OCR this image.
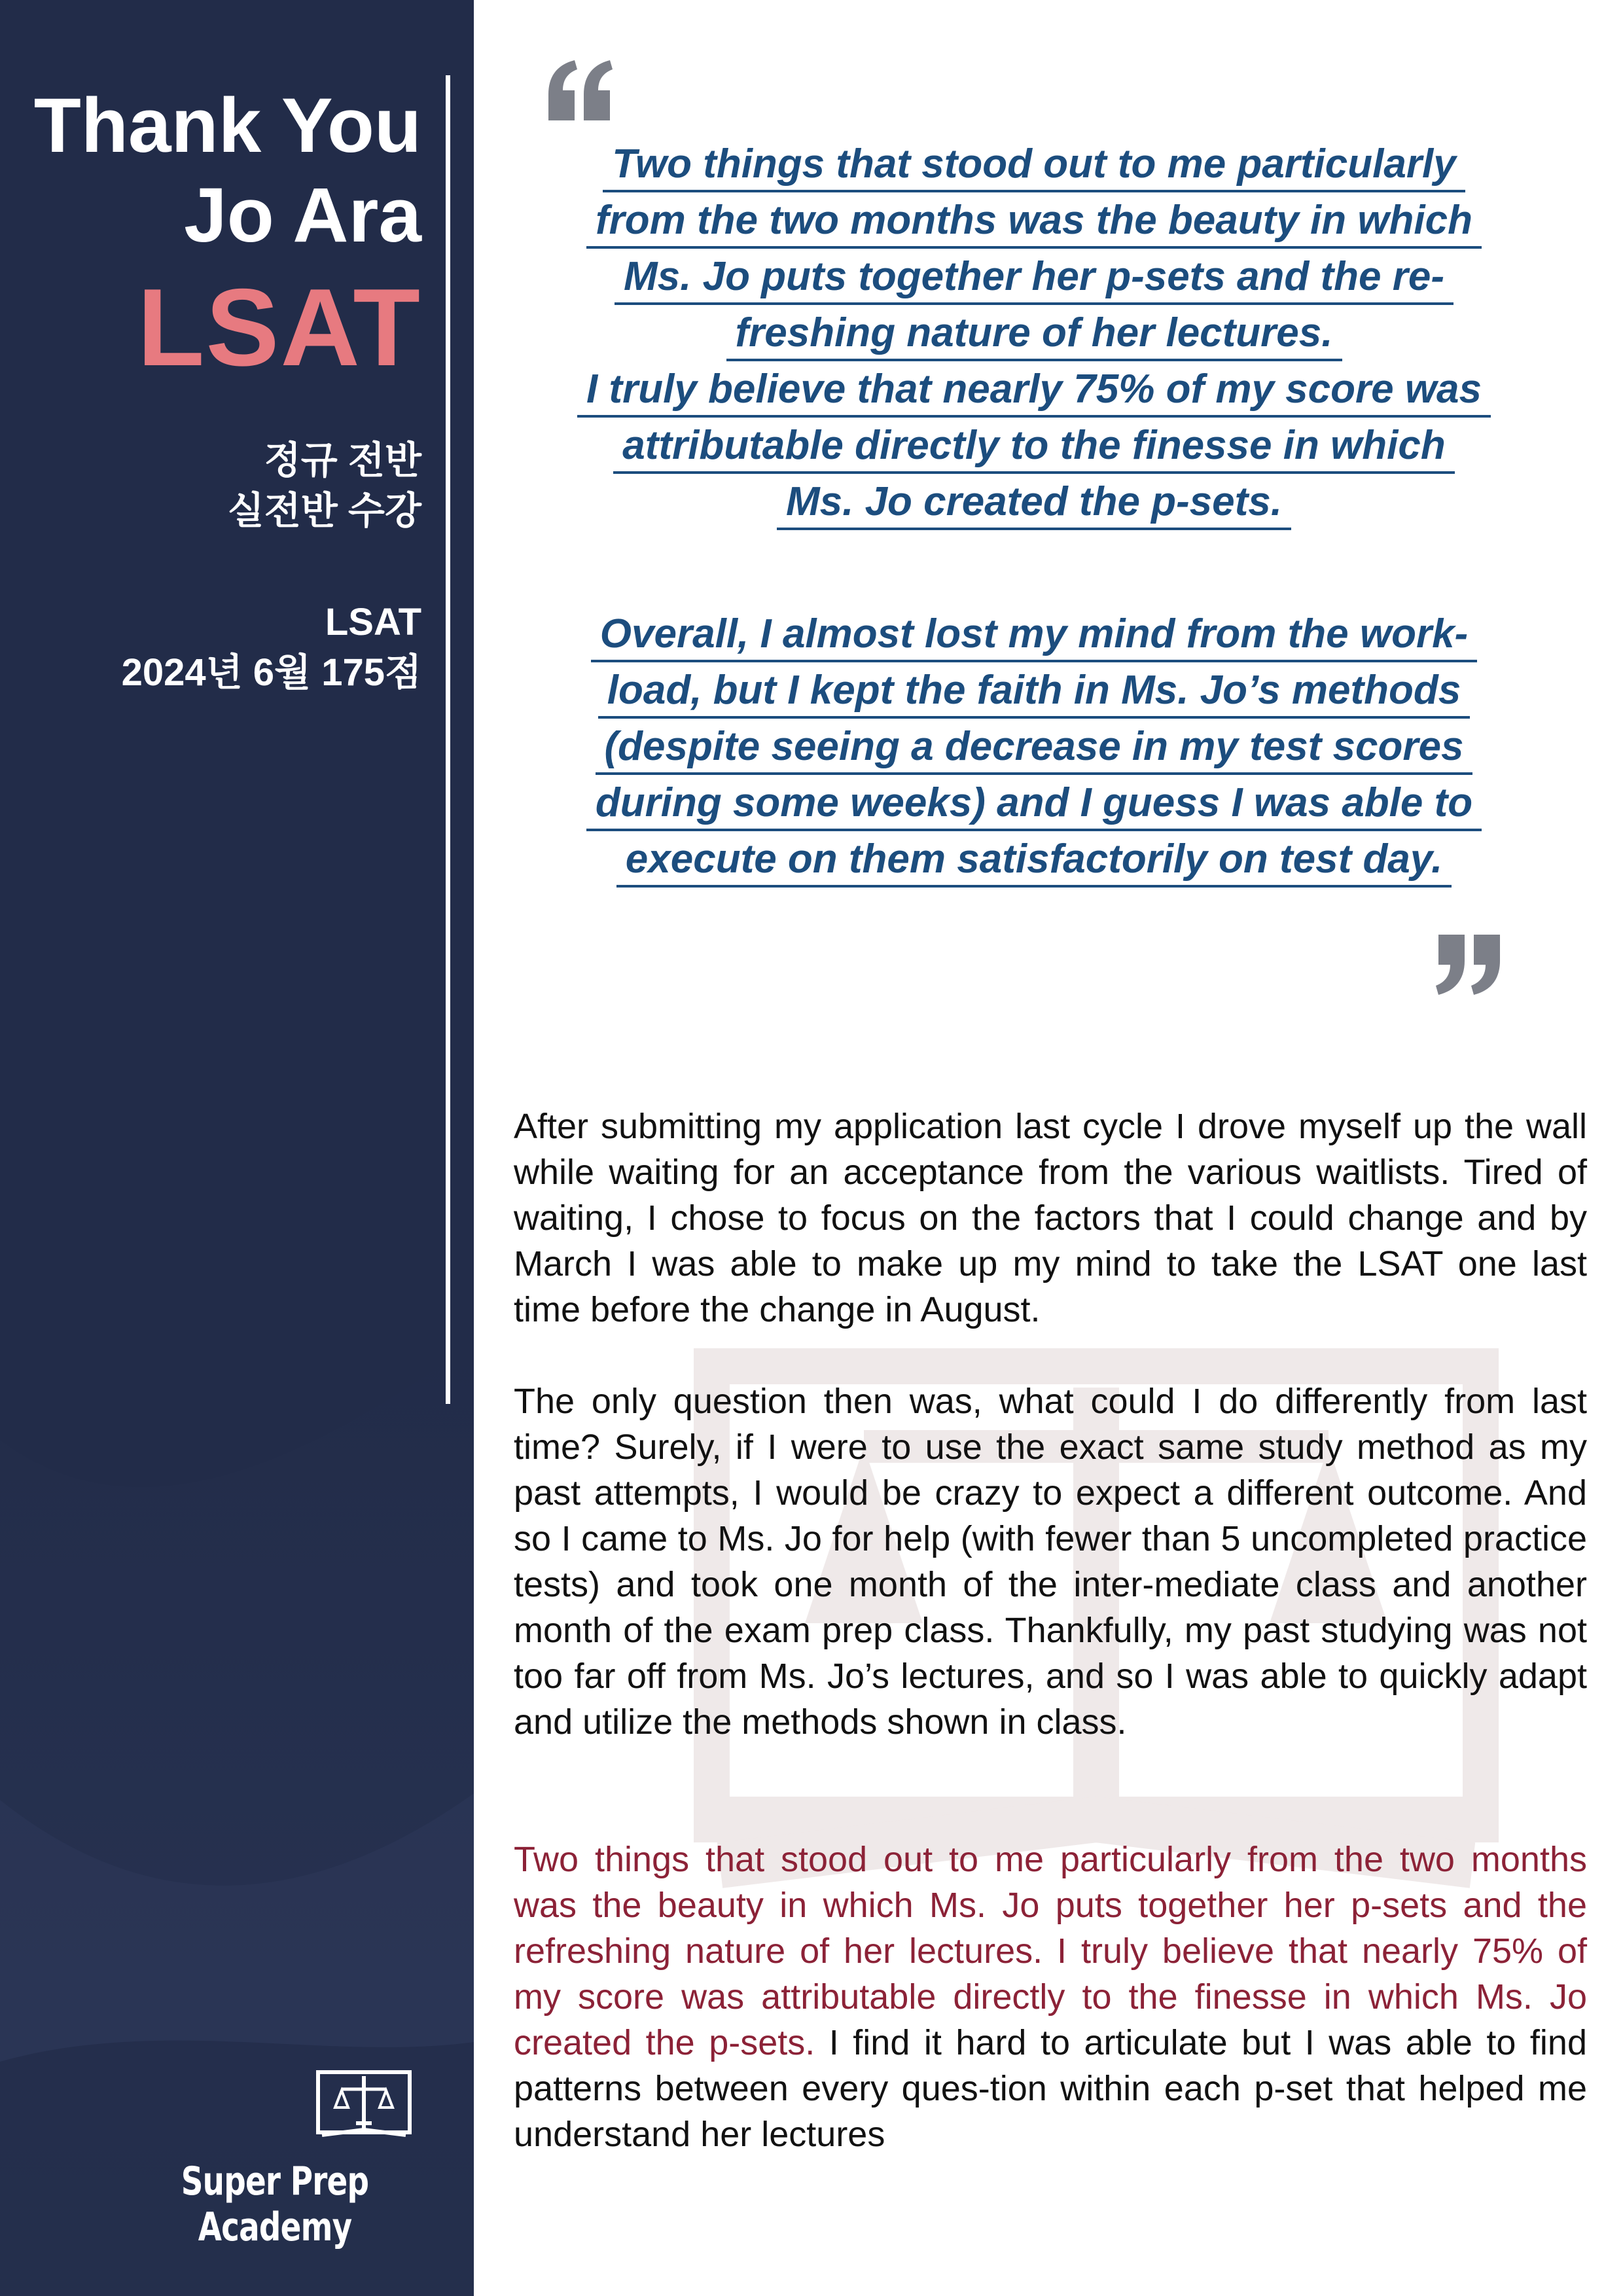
Thank You
Jo Ara
LSAT
정규 전반
실전반 수강
LSAT
2024년 6월 175점
Super Prep Academy
Two things that stood out to me particularly
from the two months was the beauty in which
Ms. Jo puts together her p-sets and the re-
freshing nature of her lectures.
I truly believe that nearly 75% of my score was
attributable directly to the finesse in which
Ms. Jo created the p-sets.
Overall, I almost lost my mind from the work-
load, but I kept the faith in Ms. Jo’s methods
(despite seeing a decrease in my test scores
during some weeks) and I guess I was able to
execute on them satisfactorily on test day.
After submitting my application last cycle I drove myself up the wall while waiting for an acceptance from the various waitlists. Tired of waiting, I chose to focus on the factors that I could change and by March I was able to make up my mind to take the LSAT one last time before the change in August.
The only question then was, what could I do differently from last time? Surely, if I were to use the exact same study method as my past attempts, I would be crazy to expect a different outcome. And so I came to Ms. Jo for help (with fewer than 5 uncompleted practice tests) and took one month of the inter-mediate class and another month of the exam prep class. Thankfully, my past studying was not too far off from Ms. Jo’s lectures, and so I was able to quickly adapt and utilize the methods shown in class.
Two things that stood out to me particularly from the two months was the beauty in which Ms. Jo puts together her p-sets and the refreshing nature of her lectures. I truly believe that nearly 75% of my score was attributable directly to the finesse in which Ms. Jo created the p-sets. I find it hard to articulate but I was able to find patterns between every ques-tion within each p-set that helped me understand her lectures
